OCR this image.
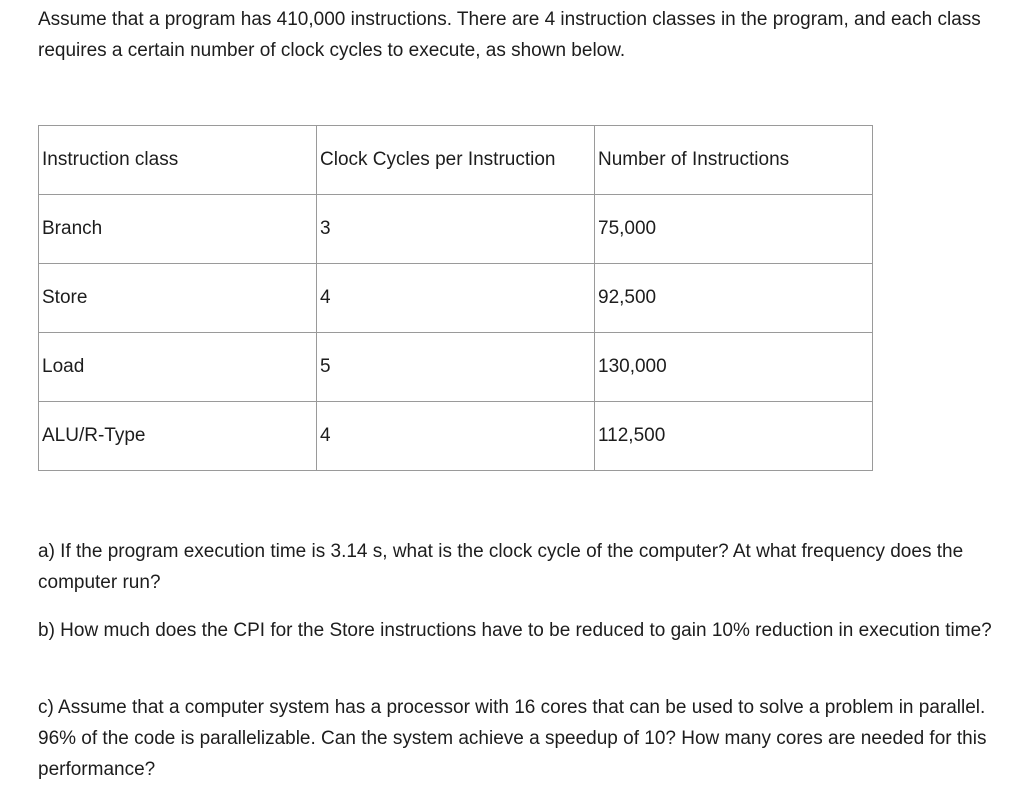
Assume that a program has 410,000 instructions. There are 4 instruction classes in the program, and each class requires a certain number of clock cycles to execute, as shown below.

Instruction class	Clock Cycles per Instruction	Number of Instructions
Branch	3	75,000
Store	4	92,500
Load	5	130,000
ALU/R-Type	4	112,500

a) If the program execution time is 3.14 s, what is the clock cycle of the computer? At what frequency does the computer run?

b) How much does the CPI for the Store instructions have to be reduced to gain 10% reduction in execution time?

c) Assume that a computer system has a processor with 16 cores that can be used to solve a problem in parallel. 96% of the code is parallelizable. Can the system achieve a speedup of 10? How many cores are needed for this performance?
